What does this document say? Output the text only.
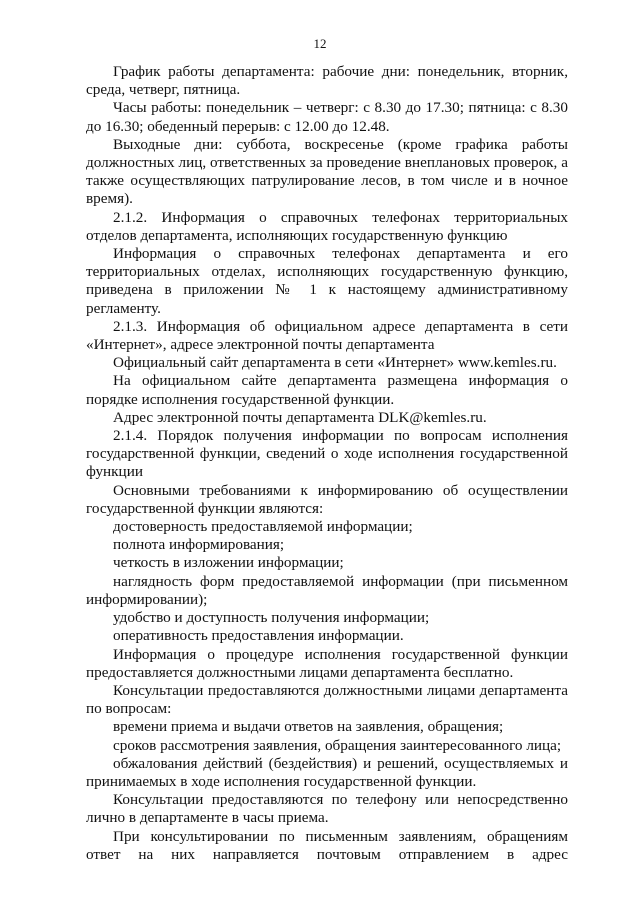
12

График работы департамента: рабочие дни: понедельник, вторник, среда, четверг, пятница.

Часы работы: понедельник – четверг: с 8.30 до 17.30; пятница: с 8.30 до 16.30; обеденный перерыв: с 12.00 до 12.48.

Выходные дни: суббота, воскресенье (кроме графика работы должностных лиц, ответственных за проведение внеплановых проверок, а также осуществляющих патрулирование лесов, в том числе и в ночное время).

2.1.2. Информация о справочных телефонах территориальных отделов департамента, исполняющих государственную функцию

Информация о справочных телефонах департамента и его территориальных отделах, исполняющих государственную функцию, приведена в приложении № 1 к настоящему административному регламенту.

2.1.3. Информация об официальном адресе департамента в сети «Интернет», адресе электронной почты департамента

Официальный сайт департамента в сети «Интернет» www.kemles.ru.

На официальном сайте департамента размещена информация о порядке исполнения государственной функции.

Адрес электронной почты департамента DLK@kemles.ru.

2.1.4. Порядок получения информации по вопросам исполнения государственной функции, сведений о ходе исполнения государственной функции

Основными требованиями к информированию об осуществлении государственной функции являются:

достоверность предоставляемой информации;

полнота информирования;

четкость в изложении информации;

наглядность форм предоставляемой информации (при письменном информировании);

удобство и доступность получения информации;

оперативность предоставления информации.

Информация о процедуре исполнения государственной функции предоставляется должностными лицами департамента бесплатно.

Консультации предоставляются должностными лицами департамента по вопросам:

времени приема и выдачи ответов на заявления, обращения;

сроков рассмотрения заявления, обращения заинтересованного лица;

обжалования действий (бездействия) и решений, осуществляемых и принимаемых в ходе исполнения государственной функции.

Консультации предоставляются по телефону или непосредственно лично в департаменте в часы приема.

При консультировании по письменным заявлениям, обращениям ответ на них направляется почтовым отправлением в адрес
